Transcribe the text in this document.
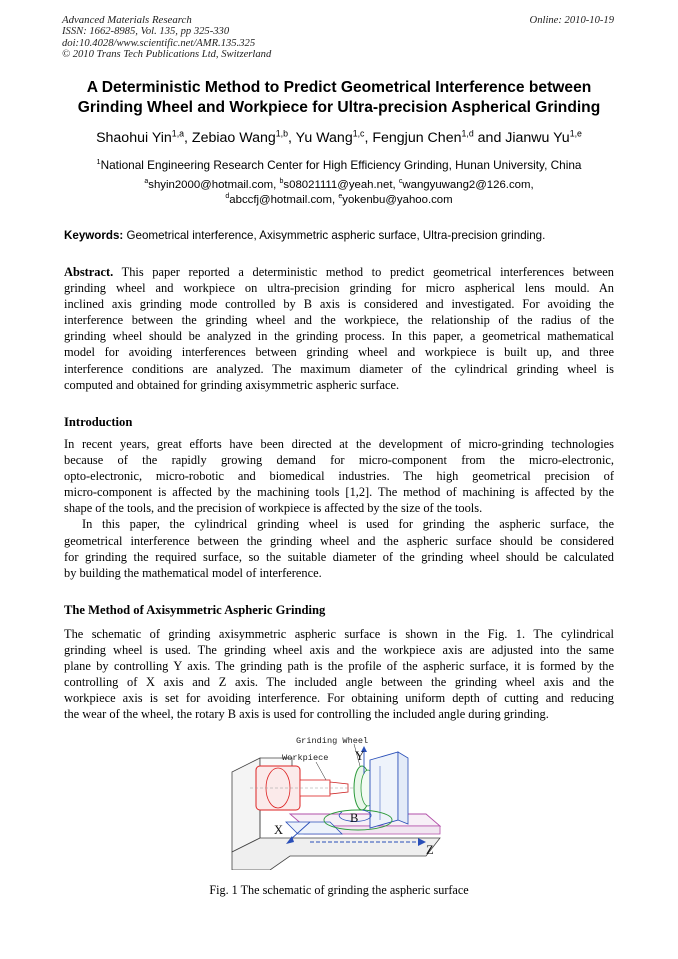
Advanced Materials Research
ISSN: 1662-8985, Vol. 135, pp 325-330
doi:10.4028/www.scientific.net/AMR.135.325
© 2010 Trans Tech Publications Ltd, Switzerland
Online: 2010-10-19
A Deterministic Method to Predict Geometrical Interference between
Grinding Wheel and Workpiece for Ultra-precision Aspherical Grinding
Shaohui Yin$^{1,a}$, Zebiao Wang$^{1,b}$, Yu Wang$^{1,c}$, Fengjun Chen$^{1,d}$ and Jianwu Yu$^{1,e}$
$^1$National Engineering Research Center for High Efficiency Grinding, Hunan University, China
$^a$shyin2000@hotmail.com, $^b$s08021111@yeah.net, $^c$wangyuwang2@126.com,
$^d$abccfj@hotmail.com, $^e$yokenbu@yahoo.com
Keywords: Geometrical interference, Axisymmetric aspheric surface, Ultra-precision grinding.
Abstract. This paper reported a deterministic method to predict geometrical interferences between
grinding wheel and workpiece on ultra-precision grinding for micro aspherical lens mould. An
inclined axis grinding mode controlled by B axis is considered and investigated. For avoiding the
interference between the grinding wheel and the workpiece, the relationship of the radius of the
grinding wheel should be analyzed in the grinding process. In this paper, a geometrical mathematical
model for avoiding interferences between grinding wheel and workpiece is built up, and three
interference conditions are analyzed. The maximum diameter of the cylindrical grinding wheel is
computed and obtained for grinding axisymmetric aspheric surface.
Introduction
In recent years, great efforts have been directed at the development of micro-grinding technologies
because of the rapidly growing demand for micro-component from the micro-electronic,
opto-electronic, micro-robotic and biomedical industries. The high geometrical precision of
micro-component is affected by the machining tools [1,2]. The method of machining is affected by the
shape of the tools, and the precision of workpiece is affected by the size of the tools.
In this paper, the cylindrical grinding wheel is used for grinding the aspheric surface, the
geometrical interference between the grinding wheel and the aspheric surface should be considered
for grinding the required surface, so the suitable diameter of the grinding wheel should be calculated
by building the mathematical model of interference.
The Method of Axisymmetric Aspheric Grinding
The schematic of grinding axisymmetric aspheric surface is shown in the Fig. 1. The cylindrical
grinding wheel is used. The grinding wheel axis and the workpiece axis are adjusted into the same
plane by controlling Y axis. The grinding path is the profile of the aspheric surface, it is formed by the
controlling of X axis and Z axis. The included angle between the grinding wheel axis and the
workpiece axis is set for avoiding interference. For obtaining uniform depth of cutting and reducing
the wear of the wheel, the rotary B axis is used for controlling the included angle during grinding.
Grinding Wheel
Workpiece Y
B
X
Z
Fig. 1 The schematic of grinding the aspheric surface
